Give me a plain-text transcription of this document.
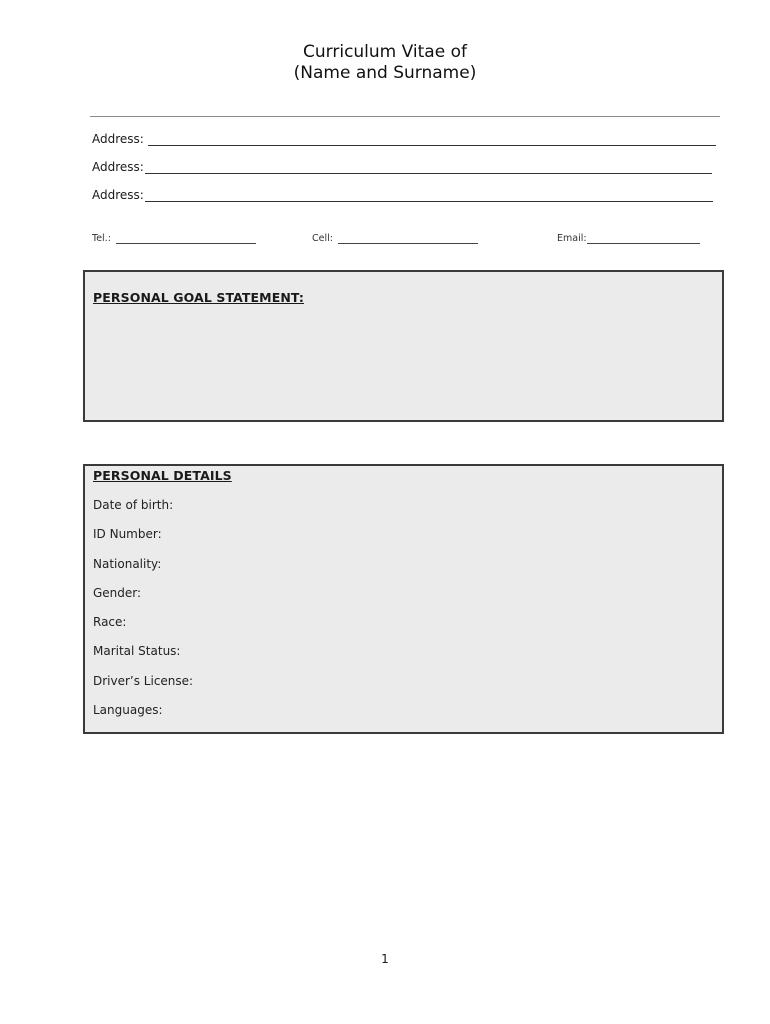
Curriculum Vitae of
(Name and Surname)
Address:
Address:
Address:
Tel.:	Cell:	Email:
PERSONAL GOAL STATEMENT:
PERSONAL DETAILS
Date of birth:
ID Number:
Nationality:
Gender:
Race:
Marital Status:
Driver’s License:
Languages:
1
